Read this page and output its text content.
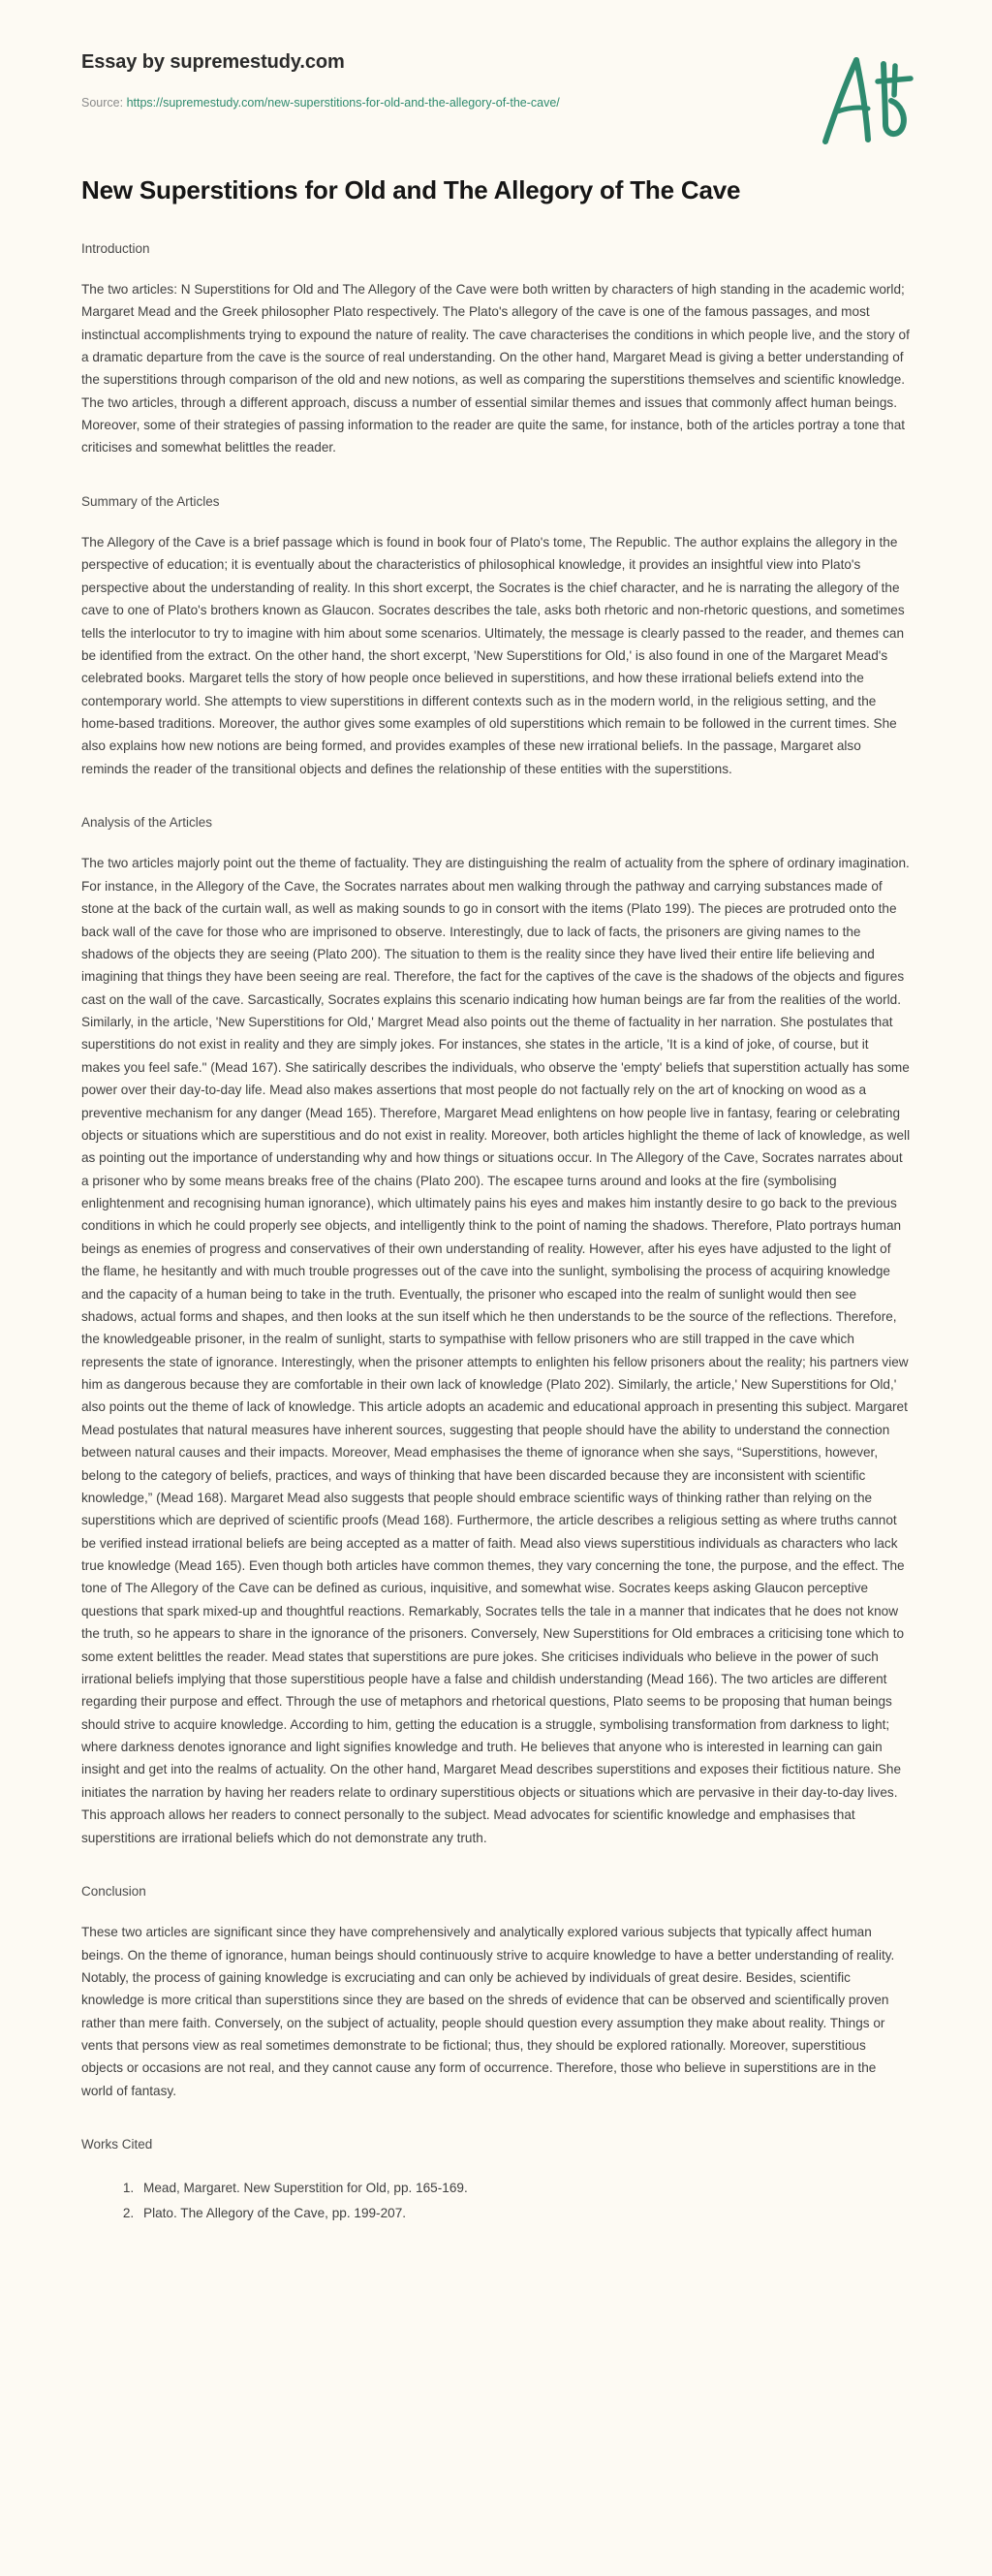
Essay by supremestudy.com
Source: https://supremestudy.com/new-superstitions-for-old-and-the-allegory-of-the-cave/
New Superstitions for Old and The Allegory of The Cave
Introduction

The two articles: N Superstitions for Old and The Allegory of the Cave were both written by characters of high standing in the academic world; Margaret Mead and the Greek philosopher Plato respectively. The Plato's allegory of the cave is one of the famous passages, and most instinctual accomplishments trying to expound the nature of reality. The cave characterises the conditions in which people live, and the story of a dramatic departure from the cave is the source of real understanding. On the other hand, Margaret Mead is giving a better understanding of the superstitions through comparison of the old and new notions, as well as comparing the superstitions themselves and scientific knowledge. The two articles, through a different approach, discuss a number of essential similar themes and issues that commonly affect human beings. Moreover, some of their strategies of passing information to the reader are quite the same, for instance, both of the articles portray a tone that criticises and somewhat belittles the reader.

Summary of the Articles

The Allegory of the Cave is a brief passage which is found in book four of Plato's tome, The Republic. The author explains the allegory in the perspective of education; it is eventually about the characteristics of philosophical knowledge, it provides an insightful view into Plato's perspective about the understanding of reality. In this short excerpt, the Socrates is the chief character, and he is narrating the allegory of the cave to one of Plato's brothers known as Glaucon. Socrates describes the tale, asks both rhetoric and non-rhetoric questions, and sometimes tells the interlocutor to try to imagine with him about some scenarios. Ultimately, the message is clearly passed to the reader, and themes can be identified from the extract. On the other hand, the short excerpt, 'New Superstitions for Old,' is also found in one of the Margaret Mead's celebrated books. Margaret tells the story of how people once believed in superstitions, and how these irrational beliefs extend into the contemporary world. She attempts to view superstitions in different contexts such as in the modern world, in the religious setting, and the home-based traditions. Moreover, the author gives some examples of old superstitions which remain to be followed in the current times. She also explains how new notions are being formed, and provides examples of these new irrational beliefs. In the passage, Margaret also reminds the reader of the transitional objects and defines the relationship of these entities with the superstitions.

Analysis of the Articles

The two articles majorly point out the theme of factuality. They are distinguishing the realm of actuality from the sphere of ordinary imagination. For instance, in the Allegory of the Cave, the Socrates narrates about men walking through the pathway and carrying substances made of stone at the back of the curtain wall, as well as making sounds to go in consort with the items (Plato 199). The pieces are protruded onto the back wall of the cave for those who are imprisoned to observe. Interestingly, due to lack of facts, the prisoners are giving names to the shadows of the objects they are seeing (Plato 200). The situation to them is the reality since they have lived their entire life believing and imagining that things they have been seeing are real. Therefore, the fact for the captives of the cave is the shadows of the objects and figures cast on the wall of the cave. Sarcastically, Socrates explains this scenario indicating how human beings are far from the realities of the world. Similarly, in the article, 'New Superstitions for Old,' Margret Mead also points out the theme of factuality in her narration. She postulates that superstitions do not exist in reality and they are simply jokes. For instances, she states in the article, 'It is a kind of joke, of course, but it makes you feel safe." (Mead 167). She satirically describes the individuals, who observe the 'empty' beliefs that superstition actually has some power over their day-to-day life. Mead also makes assertions that most people do not factually rely on the art of knocking on wood as a preventive mechanism for any danger (Mead 165). Therefore, Margaret Mead enlightens on how people live in fantasy, fearing or celebrating objects or situations which are superstitious and do not exist in reality. Moreover, both articles highlight the theme of lack of knowledge, as well as pointing out the importance of understanding why and how things or situations occur. In The Allegory of the Cave, Socrates narrates about a prisoner who by some means breaks free of the chains (Plato 200). The escapee turns around and looks at the fire (symbolising enlightenment and recognising human ignorance), which ultimately pains his eyes and makes him instantly desire to go back to the previous conditions in which he could properly see objects, and intelligently think to the point of naming the shadows. Therefore, Plato portrays human beings as enemies of progress and conservatives of their own understanding of reality. However, after his eyes have adjusted to the light of the flame, he hesitantly and with much trouble progresses out of the cave into the sunlight, symbolising the process of acquiring knowledge and the capacity of a human being to take in the truth. Eventually, the prisoner who escaped into the realm of sunlight would then see shadows, actual forms and shapes, and then looks at the sun itself which he then understands to be the source of the reflections. Therefore, the knowledgeable prisoner, in the realm of sunlight, starts to sympathise with fellow prisoners who are still trapped in the cave which represents the state of ignorance. Interestingly, when the prisoner attempts to enlighten his fellow prisoners about the reality; his partners view him as dangerous because they are comfortable in their own lack of knowledge (Plato 202). Similarly, the article,' New Superstitions for Old,' also points out the theme of lack of knowledge. This article adopts an academic and educational approach in presenting this subject. Margaret Mead postulates that natural measures have inherent sources, suggesting that people should have the ability to understand the connection between natural causes and their impacts. Moreover, Mead emphasises the theme of ignorance when she says, “Superstitions, however, belong to the category of beliefs, practices, and ways of thinking that have been discarded because they are inconsistent with scientific knowledge,” (Mead 168). Margaret Mead also suggests that people should embrace scientific ways of thinking rather than relying on the superstitions which are deprived of scientific proofs (Mead 168). Furthermore, the article describes a religious setting as where truths cannot be verified instead irrational beliefs are being accepted as a matter of faith. Mead also views superstitious individuals as characters who lack true knowledge (Mead 165). Even though both articles have common themes, they vary concerning the tone, the purpose, and the effect. The tone of The Allegory of the Cave can be defined as curious, inquisitive, and somewhat wise. Socrates keeps asking Glaucon perceptive questions that spark mixed-up and thoughtful reactions. Remarkably, Socrates tells the tale in a manner that indicates that he does not know the truth, so he appears to share in the ignorance of the prisoners. Conversely, New Superstitions for Old embraces a criticising tone which to some extent belittles the reader. Mead states that superstitions are pure jokes. She criticises individuals who believe in the power of such irrational beliefs implying that those superstitious people have a false and childish understanding (Mead 166). The two articles are different regarding their purpose and effect. Through the use of metaphors and rhetorical questions, Plato seems to be proposing that human beings should strive to acquire knowledge. According to him, getting the education is a struggle, symbolising transformation from darkness to light; where darkness denotes ignorance and light signifies knowledge and truth. He believes that anyone who is interested in learning can gain insight and get into the realms of actuality. On the other hand, Margaret Mead describes superstitions and exposes their fictitious nature. She initiates the narration by having her readers relate to ordinary superstitious objects or situations which are pervasive in their day-to-day lives. This approach allows her readers to connect personally to the subject. Mead advocates for scientific knowledge and emphasises that superstitions are irrational beliefs which do not demonstrate any truth.

Conclusion

These two articles are significant since they have comprehensively and analytically explored various subjects that typically affect human beings. On the theme of ignorance, human beings should continuously strive to acquire knowledge to have a better understanding of reality. Notably, the process of gaining knowledge is excruciating and can only be achieved by individuals of great desire. Besides, scientific knowledge is more critical than superstitions since they are based on the shreds of evidence that can be observed and scientifically proven rather than mere faith. Conversely, on the subject of actuality, people should question every assumption they make about reality. Things or vents that persons view as real sometimes demonstrate to be fictional; thus, they should be explored rationally. Moreover, superstitious objects or occasions are not real, and they cannot cause any form of occurrence. Therefore, those who believe in superstitions are in the world of fantasy.

Works Cited
1. Mead, Margaret. New Superstition for Old, pp. 165-169.
2. Plato. The Allegory of the Cave, pp. 199-207.
